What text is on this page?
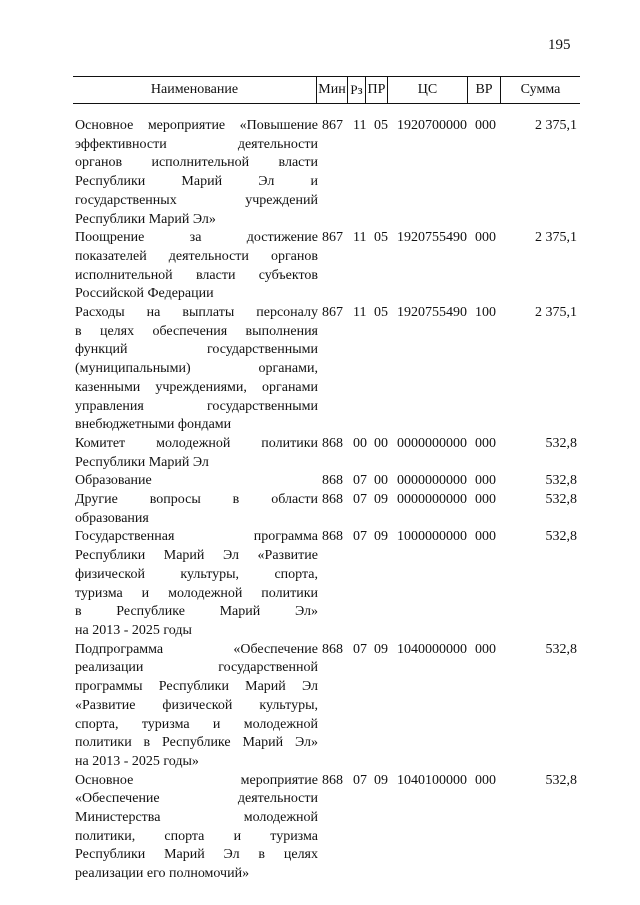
195
Наименование	Мин Рз ПР	ЦС	ВР	Сумма
Основное мероприятие «Повышение
эффективности деятельности
органов исполнительной власти
Республики Марий Эл и
государственных учреждений
Республики Марий Эл»
867 11 05 1920700000 000	2 375,1
Поощрение за достижение
показателей деятельности органов
исполнительной власти субъектов
Российской Федерации
867 11 05 1920755490 000	2 375,1
Расходы на выплаты персоналу
в целях обеспечения выполнения
функций государственными
(муниципальными) органами,
казенными учреждениями, органами
управления государственными
внебюджетными фондами
867 11 05 1920755490 100	2 375,1
Комитет молодежной политики
Республики Марий Эл
868 00 00 0000000000 000	532,8
Образование	868 07 00 0000000000 000	532,8
Другие вопросы в области
образования
868 07 09 0000000000 000	532,8
Государственная программа
Республики Марий Эл «Развитие
физической культуры, спорта,
туризма и молодежной политики
в Республике Марий Эл»
на 2013 - 2025 годы
868 07 09 1000000000 000	532,8
Подпрограмма «Обеспечение
реализации государственной
программы Республики Марий Эл
«Развитие физической культуры,
спорта, туризма и молодежной
политики в Республике Марий Эл»
на 2013 - 2025 годы»
868 07 09 1040000000 000	532,8
Основное мероприятие
«Обеспечение деятельности
Министерства молодежной
политики, спорта и туризма
Республики Марий Эл в целях
реализации его полномочий»
868 07 09 1040100000 000	532,8
